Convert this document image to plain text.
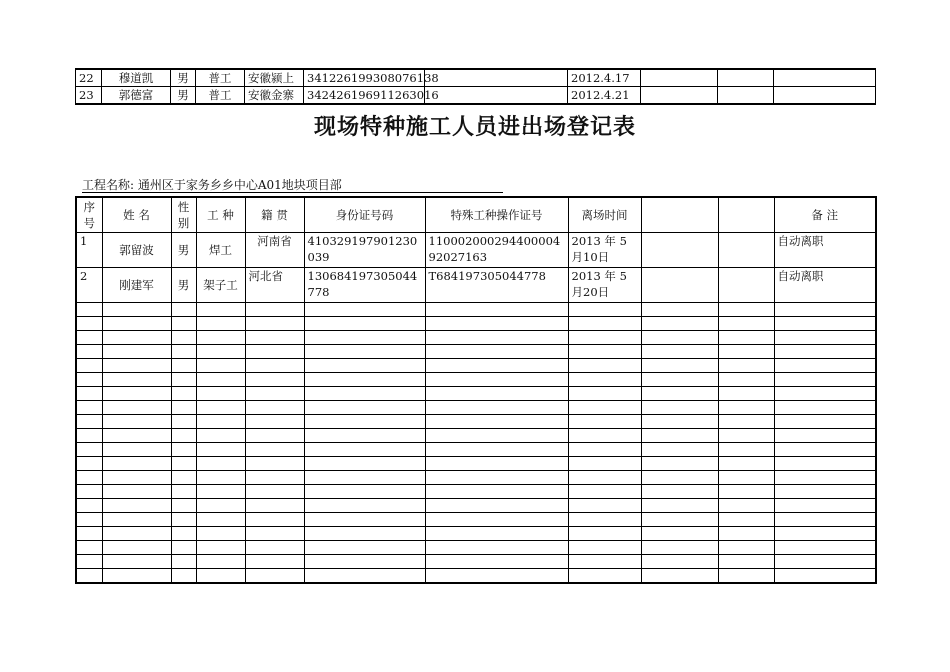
22	穆道凯	男	普工	安徽颍上	341226199308076138		2012.4.17			
23	郭德富	男	普工	安徽金寨	342426196911263016		2012.4.21			
现场特种施工人员进出场登记表
工程名称: 通州区于家务乡乡中心A01地块项目部
序号	姓 名	性别	工 种	籍 贯	身份证号码	特殊工种操作证号	离场时间			备 注
1	郭留波	男	焊工	河南省	410329197901230039	11000200029440000492027163	2013 年 5 月10日			自动离职
2	刚建军	男	架子工	河北省	130684197305044778	T684197305044778	2013 年 5 月20日			自动离职
